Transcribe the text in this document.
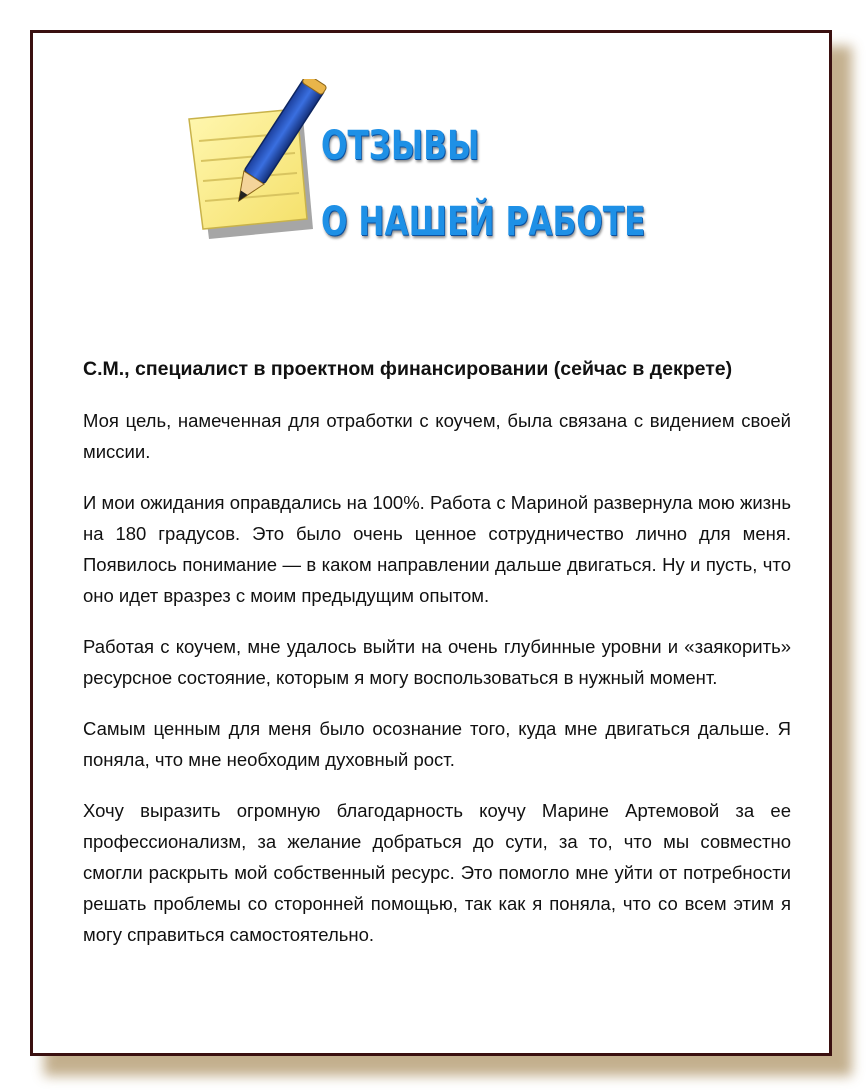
ОТЗЫВЫ
О НАШЕЙ РАБОТЕ

С.М., специалист в проектном финансировании (сейчас в декрете)

Моя цель, намеченная для отработки с коучем, была связана с видением своей миссии.

И мои ожидания оправдались на 100%. Работа с Мариной развернула мою жизнь на 180 градусов. Это было очень ценное сотрудничество лично для меня. Появилось понимание — в каком направлении дальше двигаться. Ну и пусть, что оно идет вразрез с моим предыдущим опытом.

Работая с коучем, мне удалось выйти на очень глубинные уровни и «заякорить» ресурсное состояние, которым я могу воспользоваться в нужный момент.

Самым ценным для меня было осознание того, куда мне двигаться дальше. Я поняла, что мне необходим духовный рост.

Хочу выразить огромную благодарность коучу Марине Артемовой за ее профессионализм, за желание добраться до сути, за то, что мы совместно смогли раскрыть мой собственный ресурс. Это помогло мне уйти от потребности решать проблемы со сторонней помощью, так как я поняла, что со всем этим я могу справиться самостоятельно.
